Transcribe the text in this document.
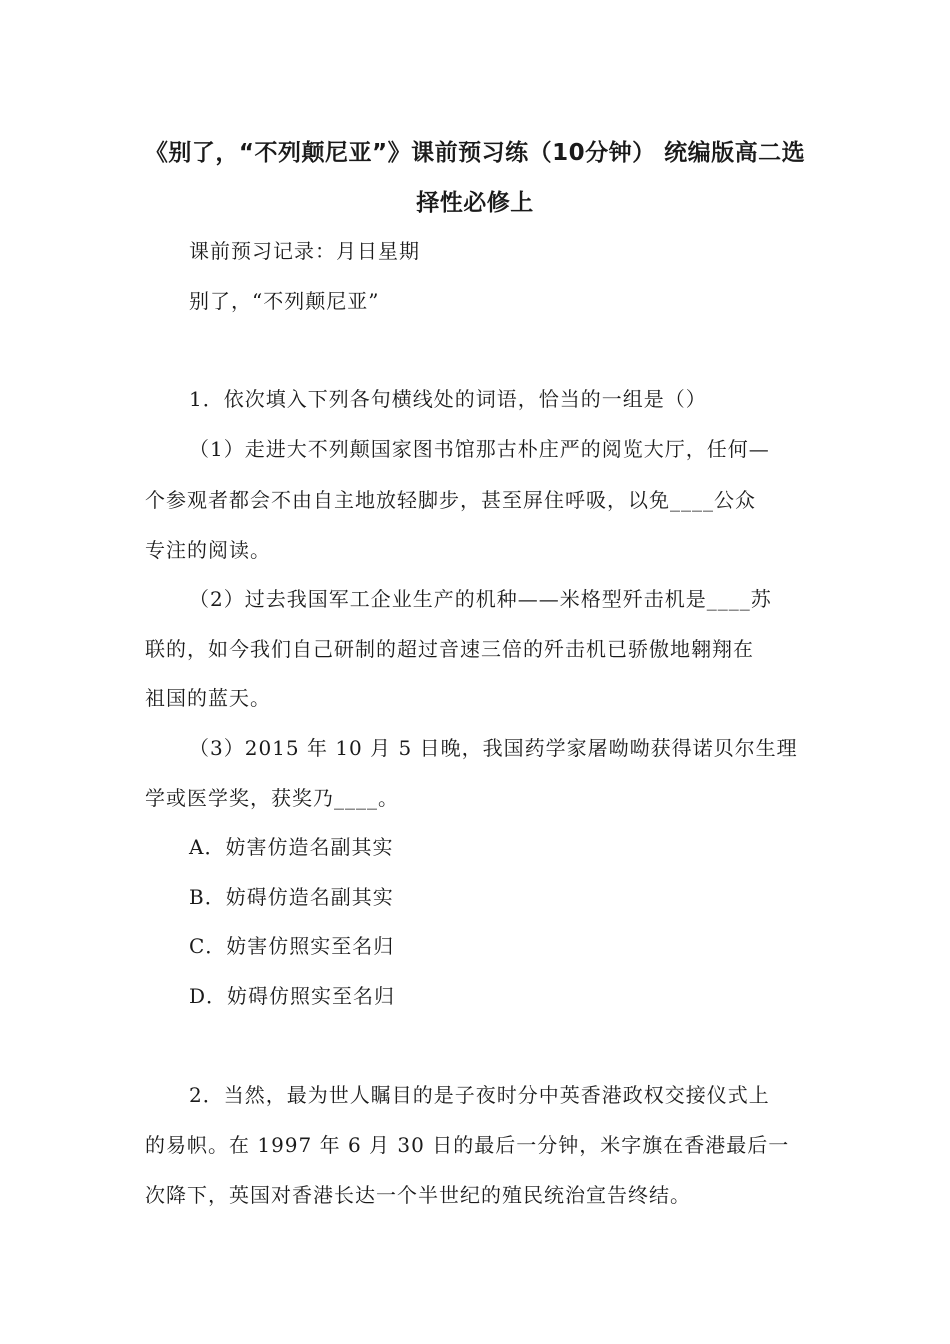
《别了，“不列颠尼亚”》课前预习练（10分钟） 统编版高二选

择性必修上

课前预习记录：月日星期

别了，“不列颠尼亚”

1．依次填入下列各句横线处的词语，恰当的一组是（）

（1）走进大不列颠国家图书馆那古朴庄严的阅览大厅，任何—

个参观者都会不由自主地放轻脚步，甚至屏住呼吸，以免____公众

专注的阅读。

（2）过去我国军工企业生产的机种——米格型歼击机是____苏

联的，如今我们自己研制的超过音速三倍的歼击机已骄傲地翱翔在

祖国的蓝天。

（3）2015 年 10 月 5 日晚，我国药学家屠呦呦获得诺贝尔生理

学或医学奖，获奖乃____。

A．妨害仿造名副其实

B．妨碍仿造名副其实

C．妨害仿照实至名归

D．妨碍仿照实至名归

2．当然，最为世人瞩目的是子夜时分中英香港政权交接仪式上

的易帜。在 1997 年 6 月 30 日的最后一分钟，米字旗在香港最后一

次降下，英国对香港长达一个半世纪的殖民统治宣告终结。
